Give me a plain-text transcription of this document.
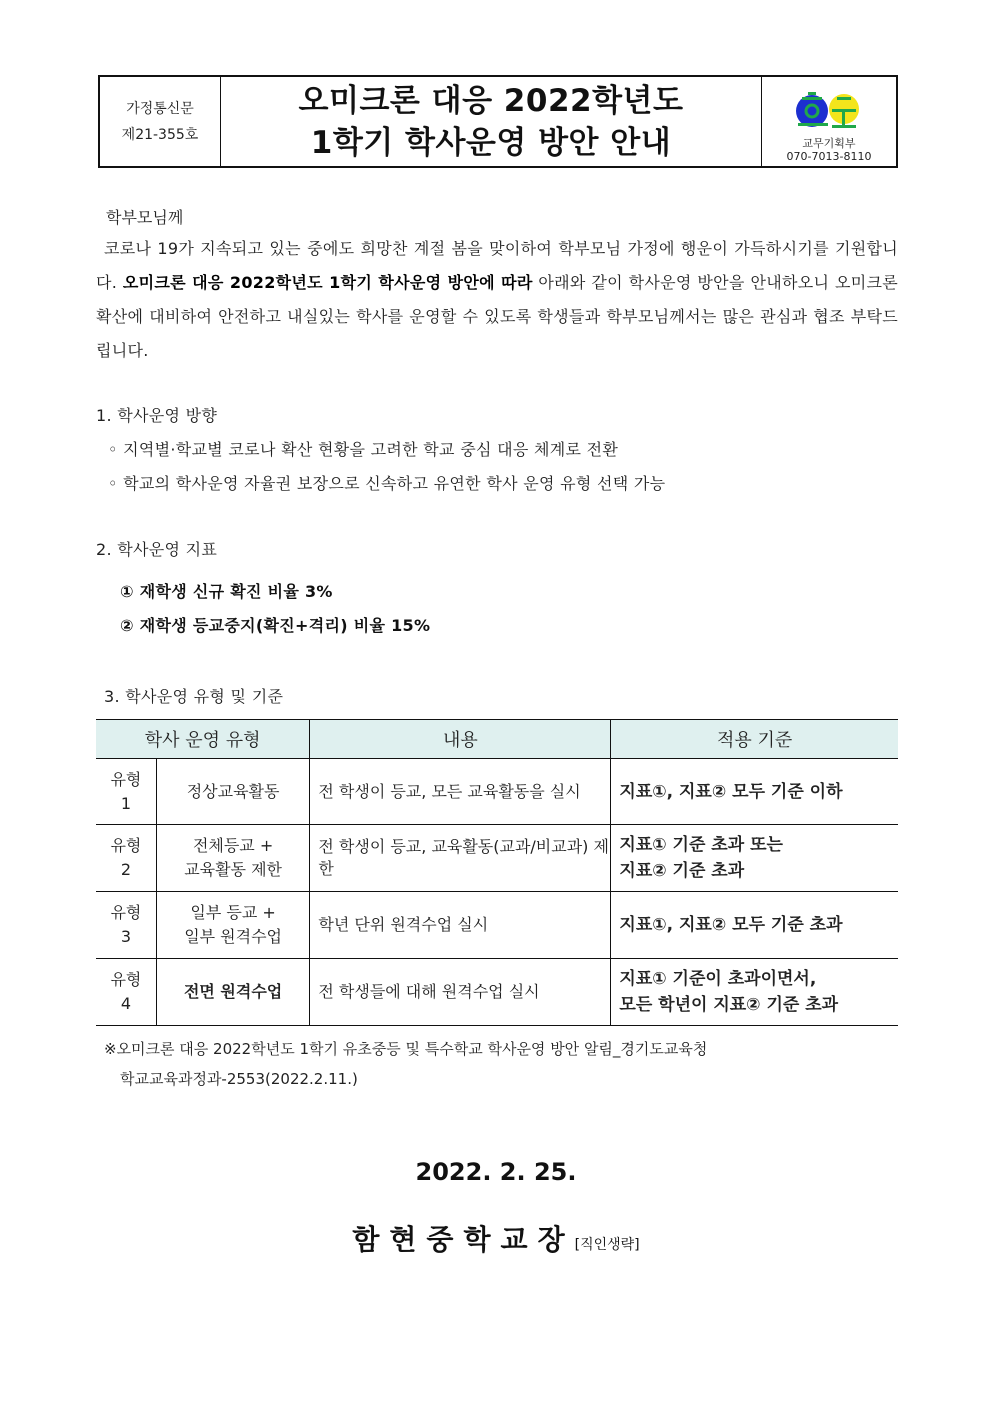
가정통신문
제21-355호
오미크론 대응 2022학년도
1학기 학사운영 방안 안내	교무기획부
070-7013-8110
학부모님께
코로나 19가 지속되고 있는 중에도 희망찬 계절 봄을 맞이하여 학부모님 가정에 행운이 가득하시기를 기원합니다. 오미크론 대응 2022학년도 1학기 학사운영 방안에 따라 아래와 같이 학사운영 방안을 안내하오니 오미크론 확산에 대비하여 안전하고 내실있는 학사를 운영할 수 있도록 학생들과 학부모님께서는 많은 관심과 협조 부탁드립니다.
1. 학사운영 방향
◦ 지역별·학교별 코로나 확산 현황을 고려한 학교 중심 대응 체계로 전환
◦ 학교의 학사운영 자율권 보장으로 신속하고 유연한 학사 운영 유형 선택 가능
2. 학사운영 지표
① 재학생 신규 확진 비율 3%
② 재학생 등교중지(확진+격리) 비율 15%
3. 학사운영 유형 및 기준
학사 운영 유형		내용	적용 기준
유형
1	정상교육활동	전 학생이 등교, 모든 교육활동을 실시	지표①, 지표② 모두 기준 이하
유형
2	전체등교 +
교육활동 제한	전 학생이 등교, 교육활동(교과/비교과) 제한	지표① 기준 초과 또는
지표② 기준 초과
유형
3	일부 등교 +
일부 원격수업	학년 단위 원격수업 실시	지표①, 지표② 모두 기준 초과
유형
4	전면 원격수업	전 학생들에 대해 원격수업 실시	지표① 기준이 초과이면서,
모든 학년이 지표② 기준 초과
※오미크론 대응 2022학년도 1학기 유초중등 및 특수학교 학사운영 방안 알림_경기도교육청
학교교육과정과-2553(2022.2.11.)
2022. 2. 25.
함현중학교장[직인생략]
